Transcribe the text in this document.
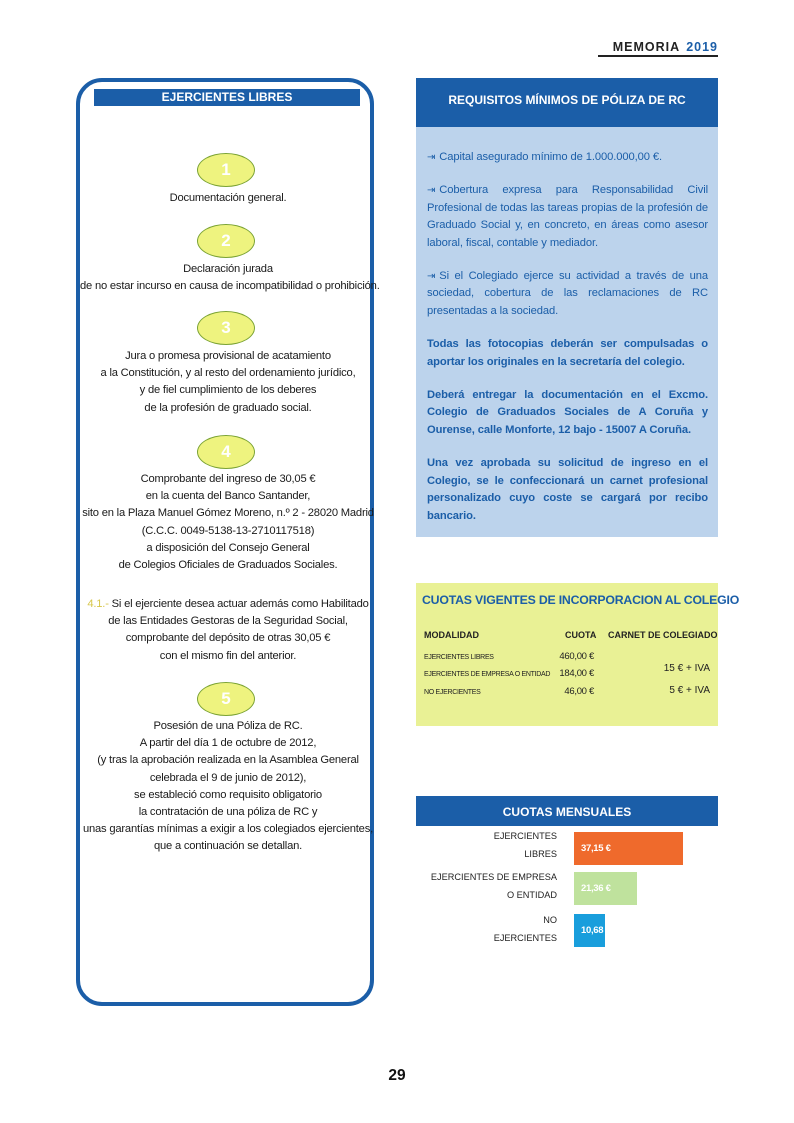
MEMORIA 2019
EJERCIENTES LIBRES
1
Documentación general.
2
Declaración jurada
de no estar incurso en causa de incompatibilidad o prohibición.
3
Jura o promesa provisional de acatamiento
a la Constitución, y al resto del ordenamiento jurídico,
y de fiel cumplimiento de los deberes
de la profesión de graduado social.
4
Comprobante del ingreso de 30,05 €
en la cuenta del Banco Santander,
sito en la Plaza Manuel Gómez Moreno, n.º 2 - 28020 Madrid
(C.C.C. 0049-5138-13-2710117518)
a disposición del Consejo General
de Colegios Oficiales de Graduados Sociales.
4.1.- Si el ejerciente desea actuar además como Habilitado
de las Entidades Gestoras de la Seguridad Social,
comprobante del depósito de otras 30,05 €
con el mismo fin del anterior.
5
Posesión de una Póliza de RC.
A partir del día 1 de octubre de 2012,
(y tras la aprobación realizada en la Asamblea General
celebrada el 9 de junio de 2012),
se estableció como requisito obligatorio
la contratación de una póliza de RC y
unas garantías mínimas a exigir a los colegiados ejercientes,
que a continuación se detallan.
REQUISITOS MÍNIMOS DE PÓLIZA DE RC

⇥ Capital asegurado mínimo de 1.000.000,00 €.

⇥ Cobertura expresa para Responsabilidad Civil Profesional de todas las tareas propias de la profesión de Graduado Social y, en concreto, en áreas como asesor laboral, fiscal, contable y mediador.

⇥ Si el Colegiado ejerce su actividad a través de una sociedad, cobertura de las reclamaciones de RC presentadas a la sociedad.

Todas las fotocopias deberán ser compulsadas o aportar los originales en la secretaría del colegio.

Deberá entregar la documentación en el Excmo. Colegio de Graduados Sociales de A Coruña y Ourense, calle Monforte, 12 bajo - 15007 A Coruña.

Una vez aprobada su solicitud de ingreso en el Colegio, se le confeccionará un carnet profesional personalizado cuyo coste se cargará por recibo bancario.

CUOTAS VIGENTES DE INCORPORACION AL COLEGIO
MODALIDAD	CUOTA CARNET DE COLEGIADO
EJERCIENTES LIBRES	460,00 €
EJERCIENTES DE EMPRESA O ENTIDAD 184,00 €
NO EJERCIENTES	46,00 €
15 € + IVA
5 € + IVA
CUOTAS MENSUALES
EJERCIENTES
LIBRES
EJERCIENTES DE EMPRESA
O ENTIDAD
NO
EJERCIENTES
37,15 €
21,36 €
10,68 €
29
